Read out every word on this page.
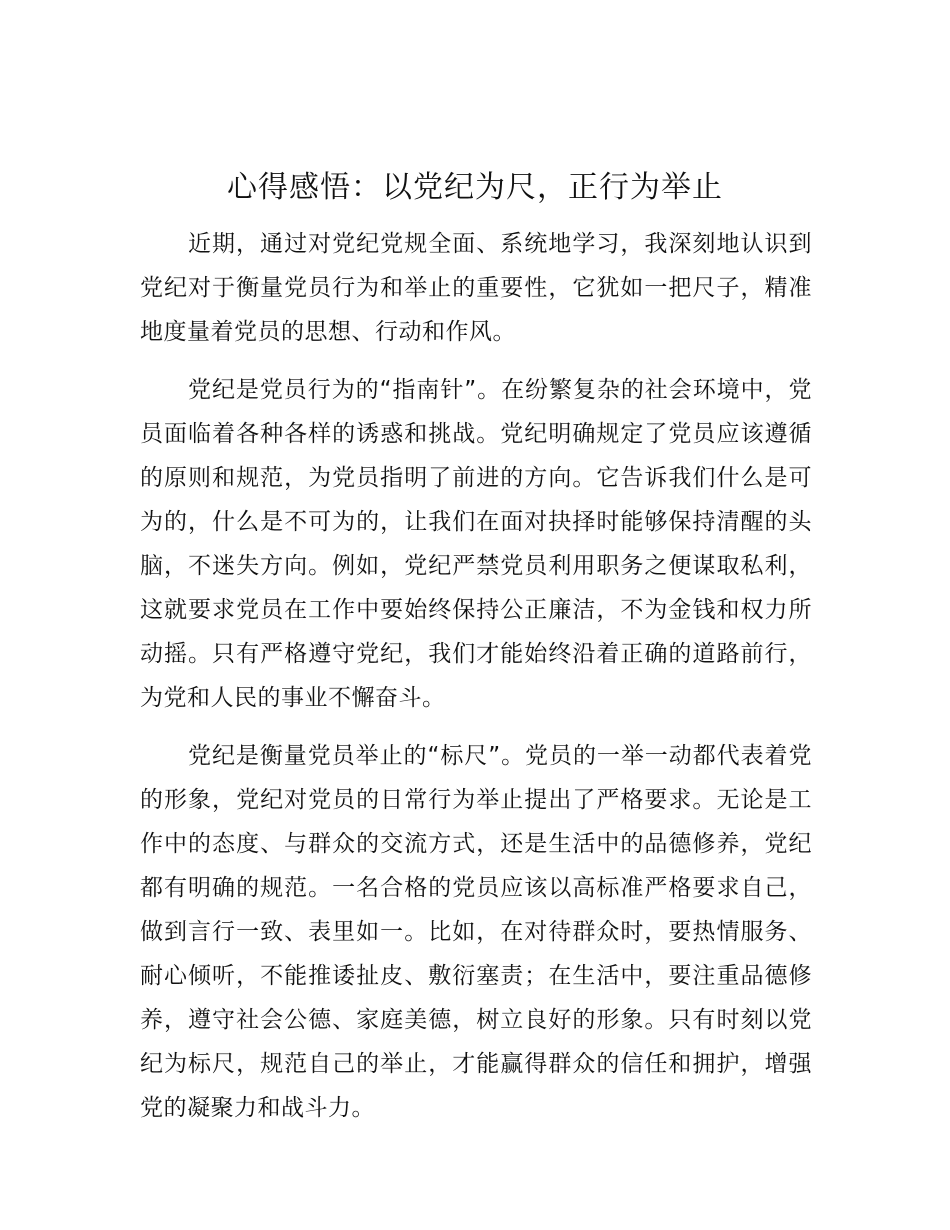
心得感悟：以党纪为尺，正行为举止

近期，通过对党纪党规全面、系统地学习，我深刻地认识到党纪对于衡量党员行为和举止的重要性，它犹如一把尺子，精准地度量着党员的思想、行动和作风。

党纪是党员行为的“指南针”。在纷繁复杂的社会环境中，党员面临着各种各样的诱惑和挑战。党纪明确规定了党员应该遵循的原则和规范，为党员指明了前进的方向。它告诉我们什么是可为的，什么是不可为的，让我们在面对抉择时能够保持清醒的头脑，不迷失方向。例如，党纪严禁党员利用职务之便谋取私利，这就要求党员在工作中要始终保持公正廉洁，不为金钱和权力所动摇。只有严格遵守党纪，我们才能始终沿着正确的道路前行，为党和人民的事业不懈奋斗。

党纪是衡量党员举止的“标尺”。党员的一举一动都代表着党的形象，党纪对党员的日常行为举止提出了严格要求。无论是工作中的态度、与群众的交流方式，还是生活中的品德修养，党纪都有明确的规范。一名合格的党员应该以高标准严格要求自己，做到言行一致、表里如一。比如，在对待群众时，要热情服务、耐心倾听，不能推诿扯皮、敷衍塞责；在生活中，要注重品德修养，遵守社会公德、家庭美德，树立良好的形象。只有时刻以党纪为标尺，规范自己的举止，才能赢得群众的信任和拥护，增强党的凝聚力和战斗力。
